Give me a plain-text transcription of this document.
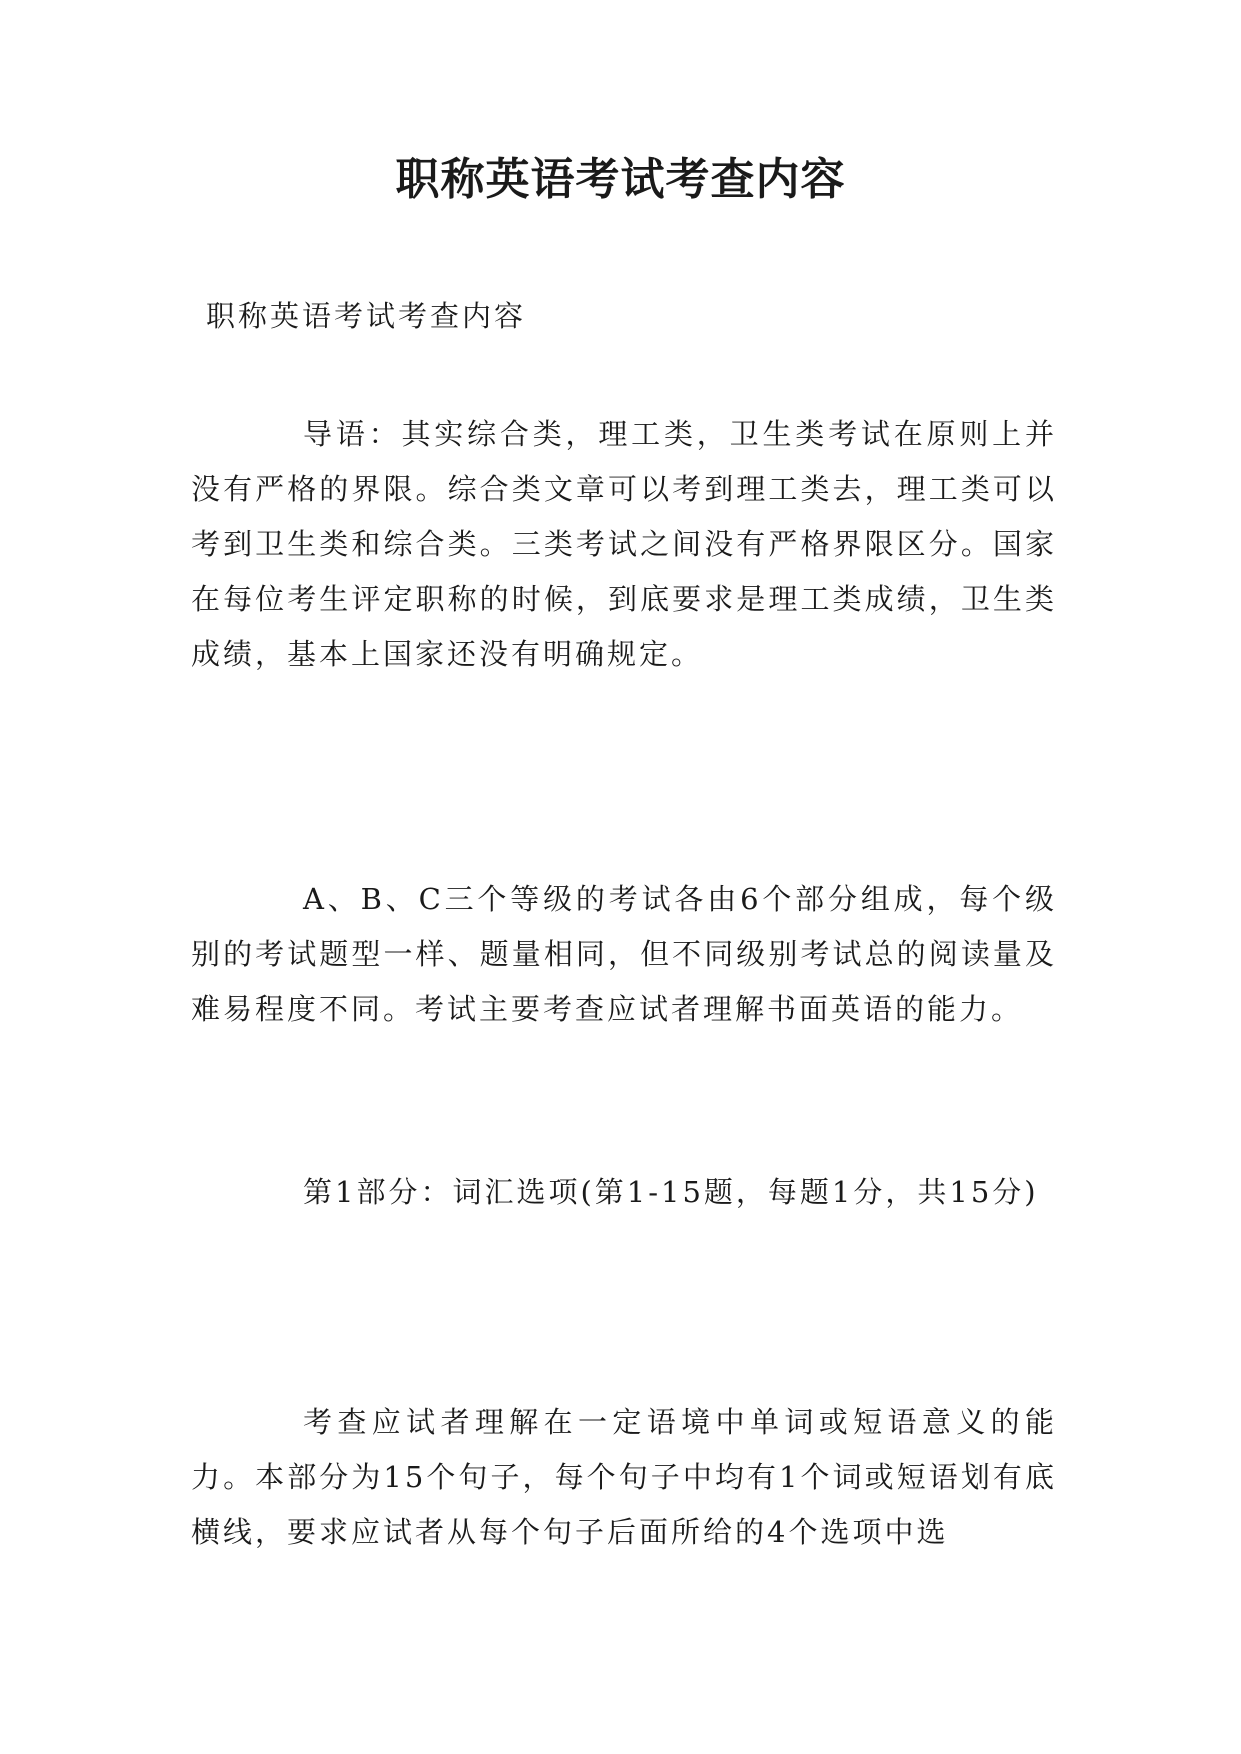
职称英语考试考查内容

职称英语考试考查内容

导语：其实综合类，理工类，卫生类考试在原则上并没有严格的界限。综合类文章可以考到理工类去，理工类可以考到卫生类和综合类。三类考试之间没有严格界限区分。国家在每位考生评定职称的时候，到底要求是理工类成绩，卫生类成绩，基本上国家还没有明确规定。

A、B、C三个等级的考试各由6个部分组成，每个级别的考试题型一样、题量相同，但不同级别考试总的阅读量及难易程度不同。考试主要考查应试者理解书面英语的能力。

第1部分：词汇选项(第1-15题，每题1分，共15分)

考查应试者理解在一定语境中单词或短语意义的能力。本部分为15个句子，每个句子中均有1个词或短语划有底横线，要求应试者从每个句子后面所给的4个选项中选
